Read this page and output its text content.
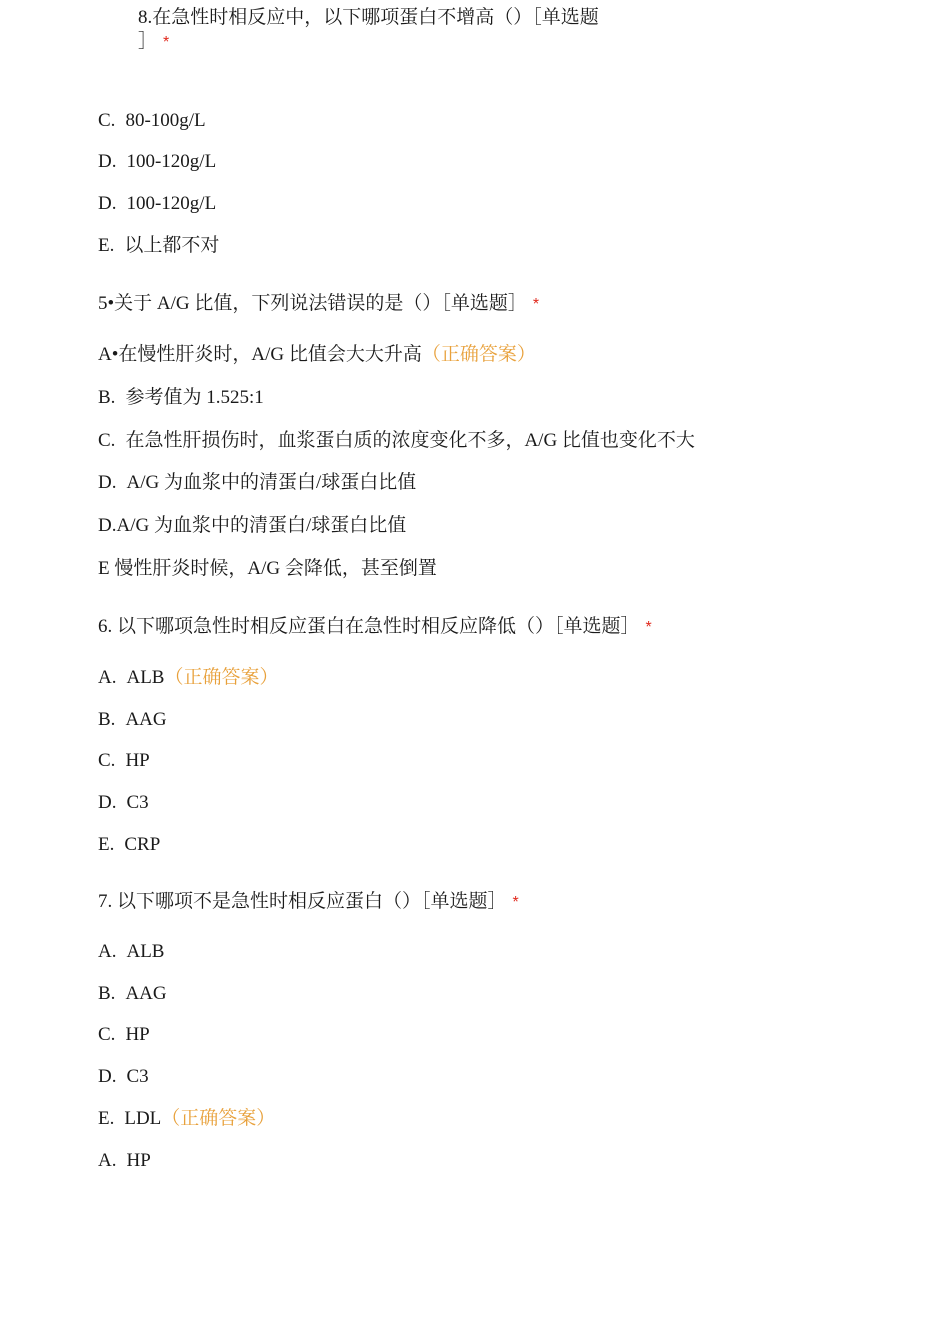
8.在急性时相反应中，以下哪项蛋白不增高（）［单选题
］ *
C. 80-100g/L
D. 100-120g/L
D. 100-120g/L
E. 以上都不对
5•关于 A/G 比值，下列说法错误的是（）［单选题］ *
A•在慢性肝炎时，A/G 比值会大大升高（正确答案）
B. 参考值为 1.525:1
C. 在急性肝损伤时，血浆蛋白质的浓度变化不多，A/G 比值也变化不大
D. A/G 为血浆中的清蛋白/球蛋白比值
D.A/G 为血浆中的清蛋白/球蛋白比值
E 慢性肝炎时候，A/G 会降低，甚至倒置
6. 以下哪项急性时相反应蛋白在急性时相反应降低（）［单选题］ *
A. ALB（正确答案）
B. AAG
C. HP
D. C3
E. CRP
7. 以下哪项不是急性时相反应蛋白（）［单选题］ *
A. ALB
B. AAG
C. HP
D. C3
E. LDL（正确答案）
A. HP
